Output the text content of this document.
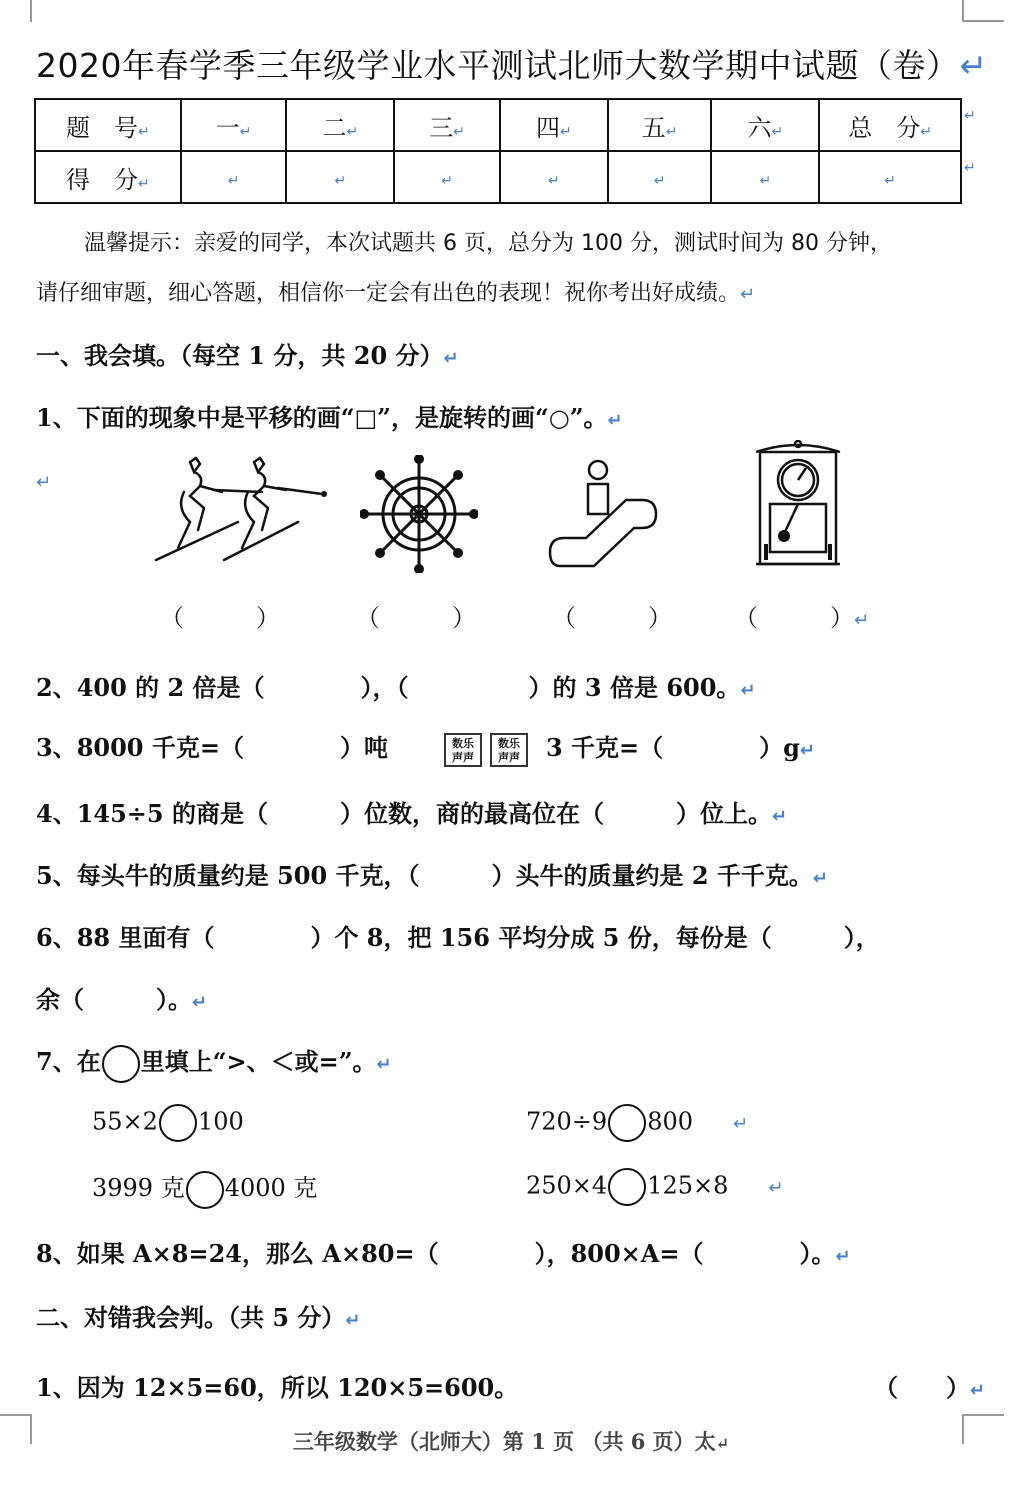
2020年春学季三年级学业水平测试北师大数学期中试题（卷）↵
题　号↵	一↵	二↵	三↵	四↵	五↵	六↵	总　分↵
得　分↵	↵	↵	↵	↵	↵	↵	↵
↵
↵
温馨提示：亲爱的同学，本次试题共 6 页，总分为 100 分，测试时间为 80 分钟，
请仔细审题，细心答题，相信你一定会有出色的表现！祝你考出好成绩。↵
一、我会填。（每空 1 分，共 20 分）↵
1、下面的现象中是平移的画“□”，是旋转的画“○”。↵
↵
（　　　）	（　　　）	（　　　）	（　　　）↵
2、400 的 2 倍是（　　　　），（　　　　　）的 3 倍是 600。↵
3、8000 千克=（　　　　）吨	数乐
声声数乐
声声 3 千克=（　　　　）g↵
4、145÷5 的商是（　　　）位数，商的最高位在（　　　）位上。↵
5、每头牛的质量约是 500 千克，（　　　）头牛的质量约是 2 千千克。↵
6、88 里面有（　　　　）个 8，把 156 平均分成 5 份，每份是（　　　），
余（　　　）。↵
7、在 里填上“>、＜或=”。↵
55×2 100	720÷9 800 ↵
3999 克 4000 克	250×4 125×8 ↵
8、如果 A×8=24，那么 A×80=（　　　　），800×A=（　　　　）。↵
二、对错我会判。（共 5 分）↵
1、因为 12×5=60，所以 120×5=600。	（　　）↵
三年级数学（北师大）第 1 页 （共 6 页）太↵
